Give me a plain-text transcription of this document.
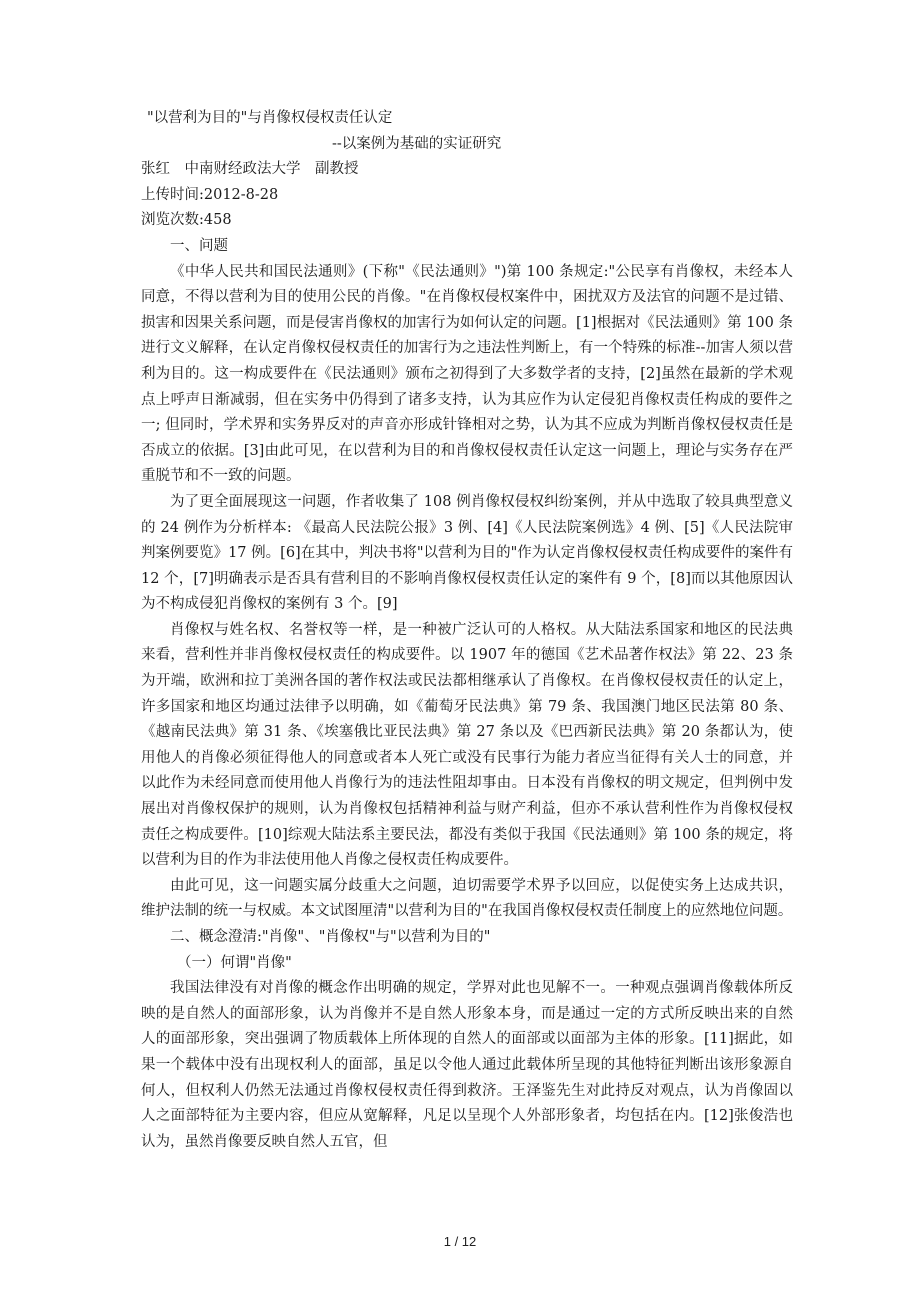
"以营利为目的"与肖像权侵权责任认定
--以案例为基础的实证研究
张红　中南财经政法大学　副教授
上传时间:2012-8-28
浏览次数:458
一、问题

《中华人民共和国民法通则》(下称"《民法通则》")第 100 条规定:"公民享有肖像权，未经本人同意，不得以营利为目的使用公民的肖像。"在肖像权侵权案件中，困扰双方及法官的问题不是过错、损害和因果关系问题，而是侵害肖像权的加害行为如何认定的问题。[1]根据对《民法通则》第 100 条进行文义解释，在认定肖像权侵权责任的加害行为之违法性判断上，有一个特殊的标准--加害人须以营利为目的。这一构成要件在《民法通则》颁布之初得到了大多数学者的支持，[2]虽然在最新的学术观点上呼声日渐减弱，但在实务中仍得到了诸多支持，认为其应作为认定侵犯肖像权责任构成的要件之一; 但同时，学术界和实务界反对的声音亦形成针锋相对之势，认为其不应成为判断肖像权侵权责任是否成立的依据。[3]由此可见，在以营利为目的和肖像权侵权责任认定这一问题上，理论与实务存在严重脱节和不一致的问题。

为了更全面展现这一问题，作者收集了 108 例肖像权侵权纠纷案例，并从中选取了较具典型意义的 24 例作为分析样本: 《最高人民法院公报》3 例、[4]《人民法院案例选》4 例、[5]《人民法院审判案例要览》17 例。[6]在其中，判决书将"以营利为目的"作为认定肖像权侵权责任构成要件的案件有 12 个，[7]明确表示是否具有营利目的不影响肖像权侵权责任认定的案件有 9 个，[8]而以其他原因认为不构成侵犯肖像权的案例有 3 个。[9]

肖像权与姓名权、名誉权等一样，是一种被广泛认可的人格权。从大陆法系国家和地区的民法典来看，营利性并非肖像权侵权责任的构成要件。以 1907 年的德国《艺术品著作权法》第 22、23 条为开端，欧洲和拉丁美洲各国的著作权法或民法都相继承认了肖像权。在肖像权侵权责任的认定上，许多国家和地区均通过法律予以明确，如《葡萄牙民法典》第 79 条、我国澳门地区民法第 80 条、《越南民法典》第 31 条、《埃塞俄比亚民法典》第 27 条以及《巴西新民法典》第 20 条都认为，使用他人的肖像必须征得他人的同意或者本人死亡或没有民事行为能力者应当征得有关人士的同意，并以此作为未经同意而使用他人肖像行为的违法性阻却事由。日本没有肖像权的明文规定，但判例中发展出对肖像权保护的规则，认为肖像权包括精神利益与财产利益，但亦不承认营利性作为肖像权侵权责任之构成要件。[10]综观大陆法系主要民法，都没有类似于我国《民法通则》第 100 条的规定，将以营利为目的作为非法使用他人肖像之侵权责任构成要件。

由此可见，这一问题实属分歧重大之问题，迫切需要学术界予以回应，以促使实务上达成共识，维护法制的统一与权威。本文试图厘清"以营利为目的"在我国肖像权侵权责任制度上的应然地位问题。

二、概念澄清:"肖像"、"肖像权"与"以营利为目的"
（一）何谓"肖像"

我国法律没有对肖像的概念作出明确的规定，学界对此也见解不一。一种观点强调肖像载体所反映的是自然人的面部形象，认为肖像并不是自然人形象本身，而是通过一定的方式所反映出来的自然人的面部形象，突出强调了物质载体上所体现的自然人的面部或以面部为主体的形象。[11]据此，如果一个载体中没有出现权利人的面部，虽足以令他人通过此载体所呈现的其他特征判断出该形象源自何人，但权利人仍然无法通过肖像权侵权责任得到救济。王泽鉴先生对此持反对观点，认为肖像固以人之面部特征为主要内容，但应从宽解释，凡足以呈现个人外部形象者，均包括在内。[12]张俊浩也认为，虽然肖像要反映自然人五官，但

1 / 12
